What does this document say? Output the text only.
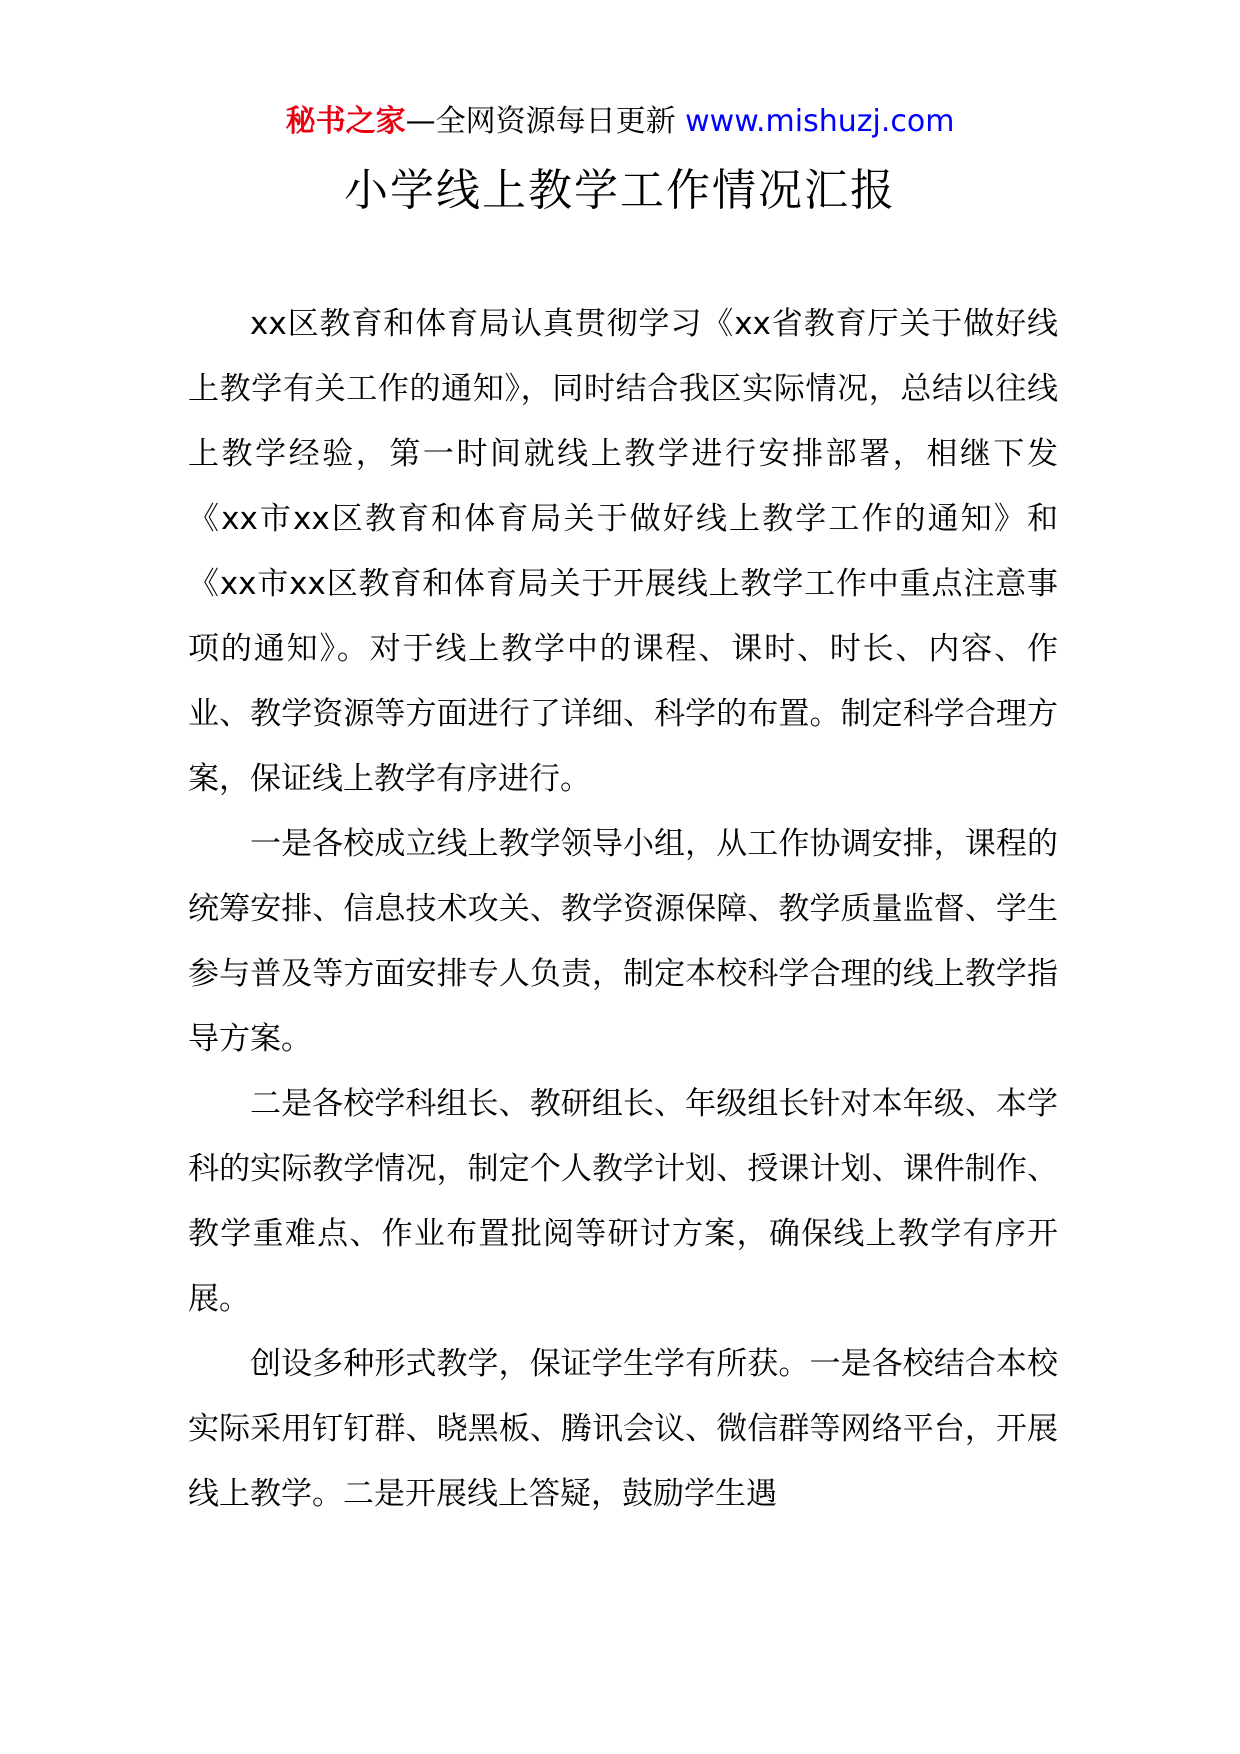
秘书之家—全网资源每日更新 www.mishuzj.com
小学线上教学工作情况汇报

xx区教育和体育局认真贯彻学习《xx省教育厅关于做好线上教学有关工作的通知》，同时结合我区实际情况，总结以往线上教学经验，第一时间就线上教学进行安排部署，相继下发《xx市xx区教育和体育局关于做好线上教学工作的通知》和《xx市xx区教育和体育局关于开展线上教学工作中重点注意事项的通知》。对于线上教学中的课程、课时、时长、内容、作业、教学资源等方面进行了详细、科学的布置。制定科学合理方案，保证线上教学有序进行。

一是各校成立线上教学领导小组，从工作协调安排，课程的统筹安排、信息技术攻关、教学资源保障、教学质量监督、学生参与普及等方面安排专人负责，制定本校科学合理的线上教学指导方案。

二是各校学科组长、教研组长、年级组长针对本年级、本学科的实际教学情况，制定个人教学计划、授课计划、课件制作、教学重难点、作业布置批阅等研讨方案，确保线上教学有序开展。

创设多种形式教学，保证学生学有所获。一是各校结合本校实际采用钉钉群、晓黑板、腾讯会议、微信群等网络平台，开展线上教学。二是开展线上答疑，鼓励学生遇
